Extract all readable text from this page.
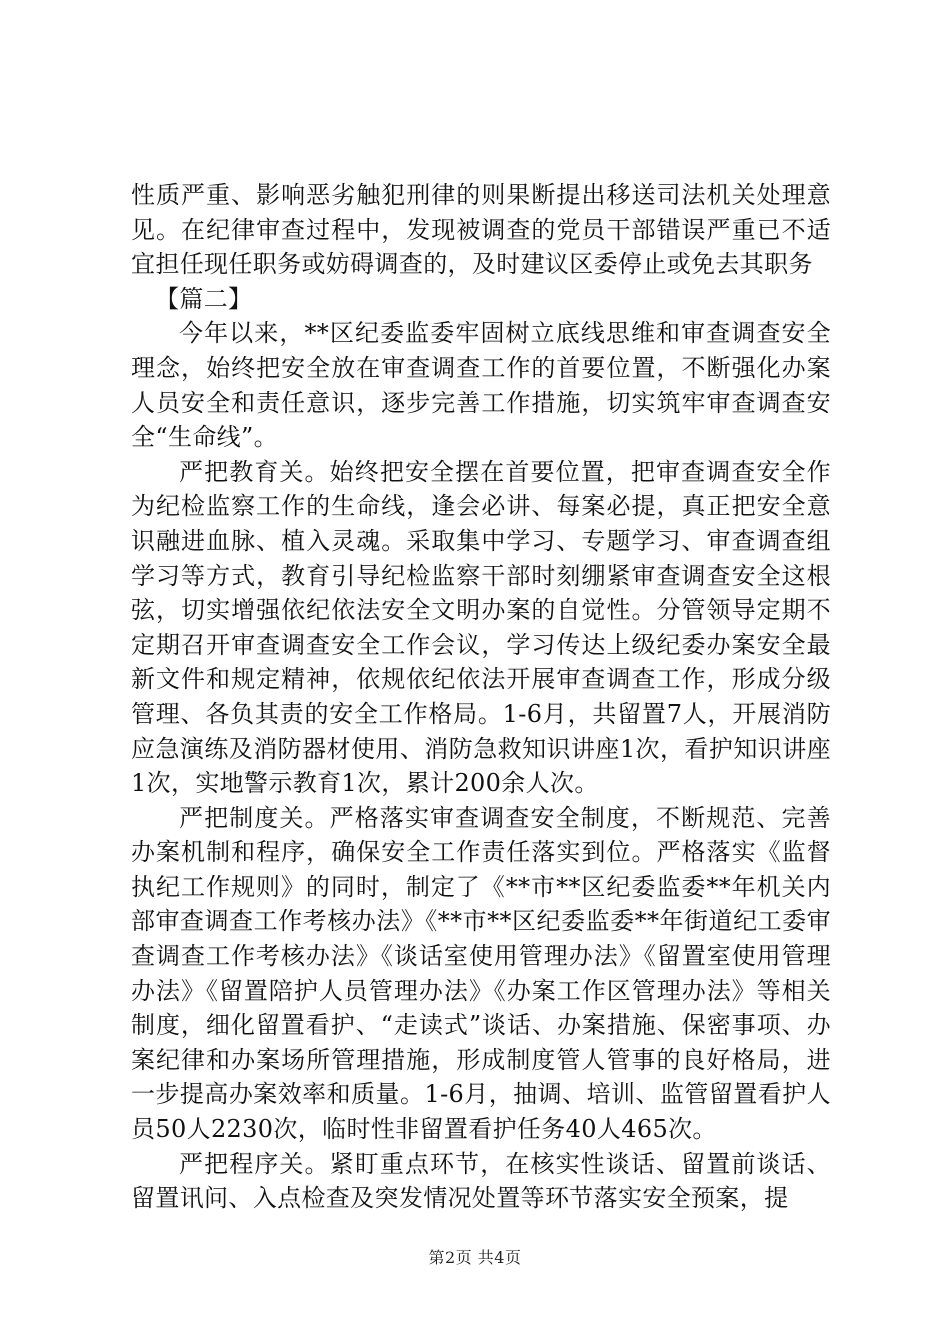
性质严重、影响恶劣触犯刑律的则果断提出移送司法机关处理意见。在纪律审查过程中，发现被调查的党员干部错误严重已不适宜担任现任职务或妨碍调查的，及时建议区委停止或免去其职务

【篇二】

今年以来，**区纪委监委牢固树立底线思维和审查调查安全理念，始终把安全放在审查调查工作的首要位置，不断强化办案人员安全和责任意识，逐步完善工作措施，切实筑牢审查调查安全“生命线”。

严把教育关。始终把安全摆在首要位置，把审查调查安全作为纪检监察工作的生命线，逢会必讲、每案必提，真正把安全意识融进血脉、植入灵魂。采取集中学习、专题学习、审查调查组学习等方式，教育引导纪检监察干部时刻绷紧审查调查安全这根弦，切实增强依纪依法安全文明办案的自觉性。分管领导定期不定期召开审查调查安全工作会议，学习传达上级纪委办案安全最新文件和规定精神，依规依纪依法开展审查调查工作，形成分级管理、各负其责的安全工作格局。1-6月，共留置7人，开展消防应急演练及消防器材使用、消防急救知识讲座1次，看护知识讲座1次，实地警示教育1次，累计200余人次。

严把制度关。严格落实审查调查安全制度，不断规范、完善办案机制和程序，确保安全工作责任落实到位。严格落实《监督执纪工作规则》的同时，制定了《**市**区纪委监委**年机关内部审查调查工作考核办法》《**市**区纪委监委**年街道纪工委审查调查工作考核办法》《谈话室使用管理办法》《留置室使用管理办法》《留置陪护人员管理办法》《办案工作区管理办法》等相关制度，细化留置看护、“走读式”谈话、办案措施、保密事项、办案纪律和办案场所管理措施，形成制度管人管事的良好格局，进一步提高办案效率和质量。1-6月，抽调、培训、监管留置看护人员50人2230次，临时性非留置看护任务40人465次。

严把程序关。紧盯重点环节，在核实性谈话、留置前谈话、留置讯问、入点检查及突发情况处置等环节落实安全预案，提

第2页 共4页
